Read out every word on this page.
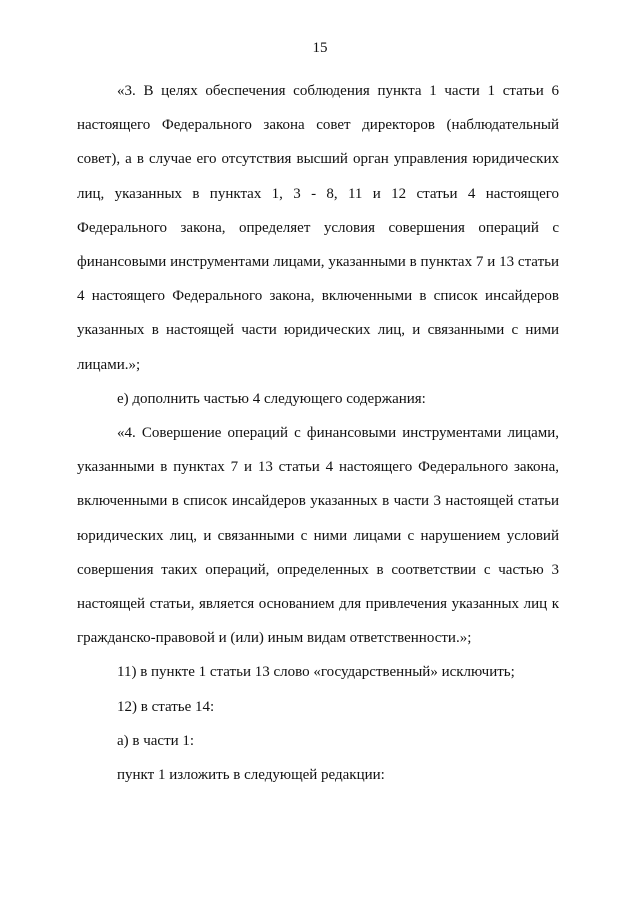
15

«3. В целях обеспечения соблюдения пункта 1 части 1 статьи 6 настоящего Федерального закона совет директоров (наблюдательный совет), а в случае его отсутствия высший орган управления юридических лиц, указанных в пунктах 1, 3 - 8, 11 и 12 статьи 4 настоящего Федерального закона, определяет условия совершения операций с финансовыми инструментами лицами, указанными в пунктах 7 и 13 статьи 4 настоящего Федерального закона, включенными в список инсайдеров указанных в настоящей части юридических лиц, и связанными с ними лицами.»;

е) дополнить частью 4 следующего содержания:

«4. Совершение операций с финансовыми инструментами лицами, указанными в пунктах 7 и 13 статьи 4 настоящего Федерального закона, включенными в список инсайдеров указанных в части 3 настоящей статьи юридических лиц, и связанными с ними лицами с нарушением условий совершения таких операций, определенных в соответствии с частью 3 настоящей статьи, является основанием для привлечения указанных лиц к гражданско-правовой и (или) иным видам ответственности.»;

11) в пункте 1 статьи 13 слово «государственный» исключить;

12) в статье 14:

а) в части 1:

пункт 1 изложить в следующей редакции:
